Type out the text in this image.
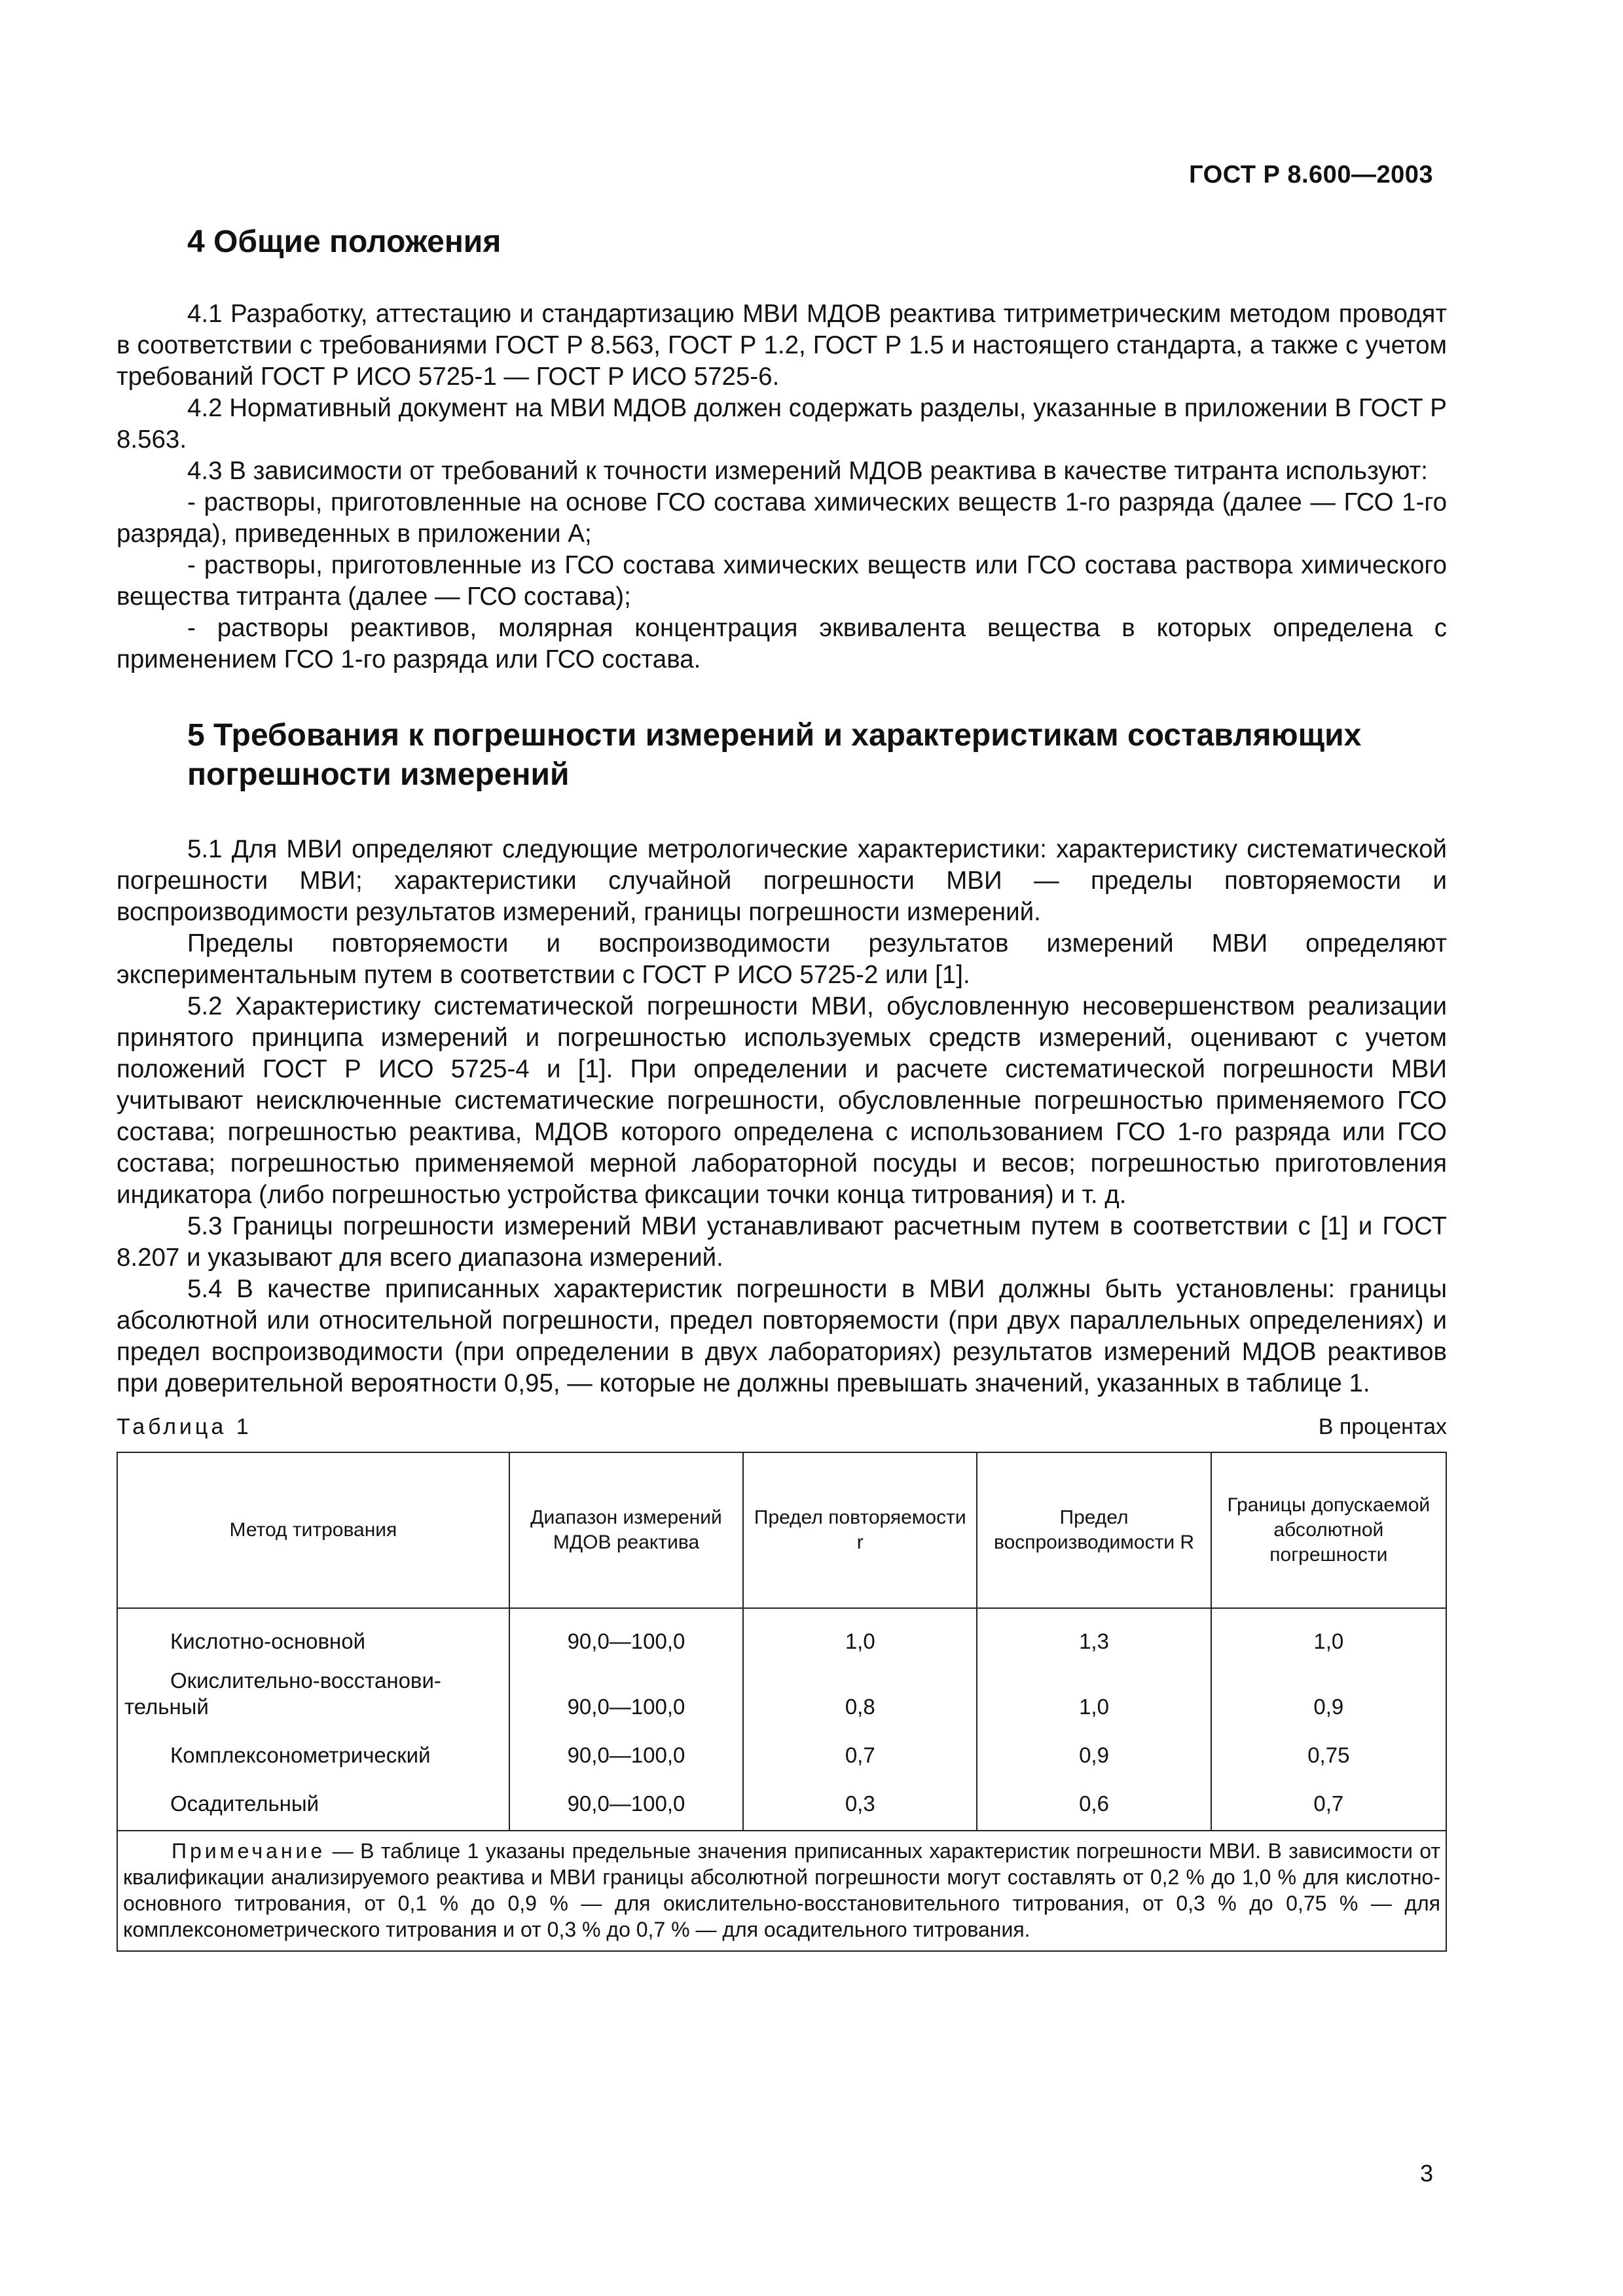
ГОСТ Р 8.600—2003
4 Общие положения

4.1 Разработку, аттестацию и стандартизацию МВИ МДОВ реактива титриметрическим методом проводят в соответствии с требованиями ГОСТ Р 8.563, ГОСТ Р 1.2, ГОСТ Р 1.5 и настоящего стандарта, а также с учетом требований ГОСТ Р ИСО 5725-1 — ГОСТ Р ИСО 5725-6.

4.2 Нормативный документ на МВИ МДОВ должен содержать разделы, указанные в приложении В ГОСТ Р 8.563.

4.3 В зависимости от требований к точности измерений МДОВ реактива в качестве титранта используют:

- растворы, приготовленные на основе ГСО состава химических веществ 1-го разряда (далее — ГСО 1-го разряда), приведенных в приложении А;

- растворы, приготовленные из ГСО состава химических веществ или ГСО состава раствора химического вещества титранта (далее — ГСО состава);

- растворы реактивов, молярная концентрация эквивалента вещества в которых определена с применением ГСО 1-го разряда или ГСО состава.

5 Требования к погрешности измерений и характеристикам составляющих погрешности измерений

5.1 Для МВИ определяют следующие метрологические характеристики: характеристику систематической погрешности МВИ; характеристики случайной погрешности МВИ — пределы повторяемости и воспроизводимости результатов измерений, границы погрешности измерений.

Пределы повторяемости и воспроизводимости результатов измерений МВИ определяют экспериментальным путем в соответствии с ГОСТ Р ИСО 5725-2 или [1].

5.2 Характеристику систематической погрешности МВИ, обусловленную несовершенством реализации принятого принципа измерений и погрешностью используемых средств измерений, оценивают с учетом положений ГОСТ Р ИСО 5725-4 и [1]. При определении и расчете систематической погрешности МВИ учитывают неисключенные систематические погрешности, обусловленные погрешностью применяемого ГСО состава; погрешностью реактива, МДОВ которого определена с использованием ГСО 1-го разряда или ГСО состава; погрешностью применяемой мерной лабораторной посуды и весов; погрешностью приготовления индикатора (либо погрешностью устройства фиксации точки конца титрования) и т. д.

5.3 Границы погрешности измерений МВИ устанавливают расчетным путем в соответствии с [1] и ГОСТ 8.207 и указывают для всего диапазона измерений.

5.4 В качестве приписанных характеристик погрешности в МВИ должны быть установлены: границы абсолютной или относительной погрешности, предел повторяемости (при двух параллельных определениях) и предел воспроизводимости (при определении в двух лабораториях) результатов измерений МДОВ реактивов при доверительной вероятности 0,95, — которые не должны превышать значений, указанных в таблице 1.

Таблица 1	В процентах
Метод титрования	Диапазон измерений МДОВ реактива	Предел повторяемости r	Предел воспроизводимости R	Границы допускаемой абсолютной погрешности

Кислотно-основной	90,0—100,0	1,0	1,3	1,0

Окислительно-восстанови-
тельный	90,0—100,0	0,8	1,0	0,9

Комплексонометрический	90,0—100,0	0,7	0,9	0,75

Осадительный	90,0—100,0	0,3	0,6	0,7

Примечание — В таблице 1 указаны предельные значения приписанных характеристик погрешности МВИ. В зависимости от квалификации анализируемого реактива и МВИ границы абсолютной погрешности могут составлять от 0,2 % до 1,0 % для кислотно-основного титрования, от 0,1 % до 0,9 % — для окислительно-восстановительного титрования, от 0,3 % до 0,75 % — для комплексонометрического титрования и от 0,3 % до 0,7 % — для осадительного титрования.				
3
